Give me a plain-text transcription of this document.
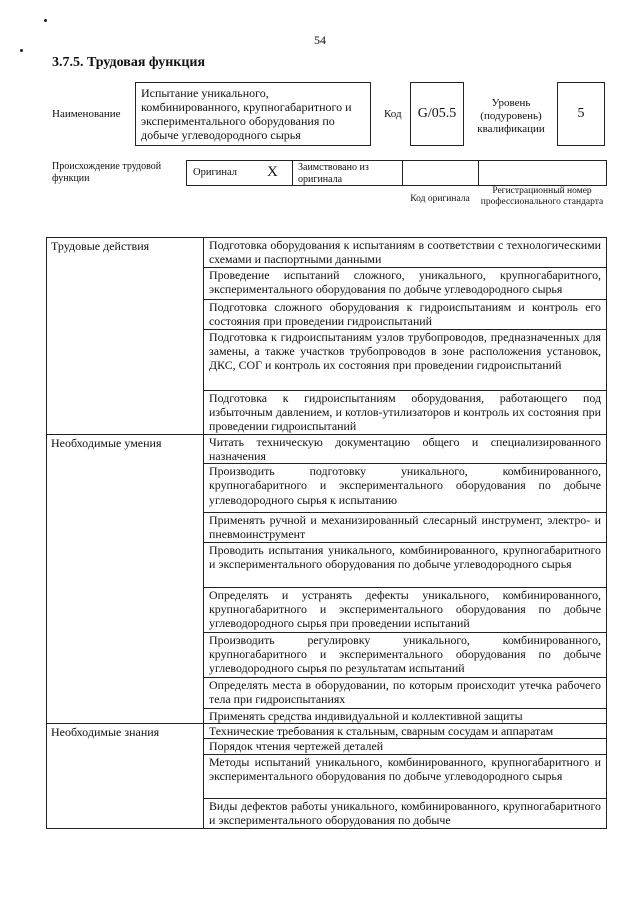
54
3.7.5. Трудовая функция
Наименование
Испытание уникального, комбинированного, крупногабаритного и экспериментального оборудования по добыче углеводородного сырья
Код G/05.5
Уровень (подуровень) квалификации
5
Происхождение трудовой функции
Оригинал X Заимствовано из оригинала
Код оригинала
Регистрационный номер профессионального стандарта
Трудовые действия	Подготовка оборудования к испытаниям в соответствии с технологическими схемами и паспортными данными

	Проведение испытаний сложного, уникального, крупногабаритного, экспериментального оборудования по добыче углеводородного сырья

	Подготовка сложного оборудования к гидроиспытаниям и контроль его состояния при проведении гидроиспытаний

	Подготовка к гидроиспытаниям узлов трубопроводов, предназначенных для замены, а также участков трубопроводов в зоне расположения установок, ДКС, СОГ и контроль их состояния при проведении гидроиспытаний

	Подготовка к гидроиспытаниям оборудования, работающего под избыточным давлением, и котлов-утилизаторов и контроль их состояния при проведении гидроиспытаний

Необходимые умения	Читать техническую документацию общего и специализированного назначения

	Производить подготовку уникального, комбинированного, крупногабаритного и экспериментального оборудования по добыче углеводородного сырья к испытанию

	Применять ручной и механизированный слесарный инструмент, электро- и пневмоинструмент

	Проводить испытания уникального, комбинированного, крупногабаритного и экспериментального оборудования по добыче углеводородного сырья

	Определять и устранять дефекты уникального, комбинированного, крупногабаритного и экспериментального оборудования по добыче углеводородного сырья при проведении испытаний

	Производить регулировку уникального, комбинированного, крупногабаритного и экспериментального оборудования по добыче углеводородного сырья по результатам испытаний

	Определять места в оборудовании, по которым происходит утечка рабочего тела при гидроиспытаниях

	Применять средства индивидуальной и коллективной защиты

Необходимые знания	Технические требования к стальным, сварным сосудам и аппаратам

	Порядок чтения чертежей деталей

	Методы испытаний уникального, комбинированного, крупногабаритного и экспериментального оборудования по добыче углеводородного сырья

	Виды дефектов работы уникального, комбинированного, крупногабаритного и экспериментального оборудования по добыче
